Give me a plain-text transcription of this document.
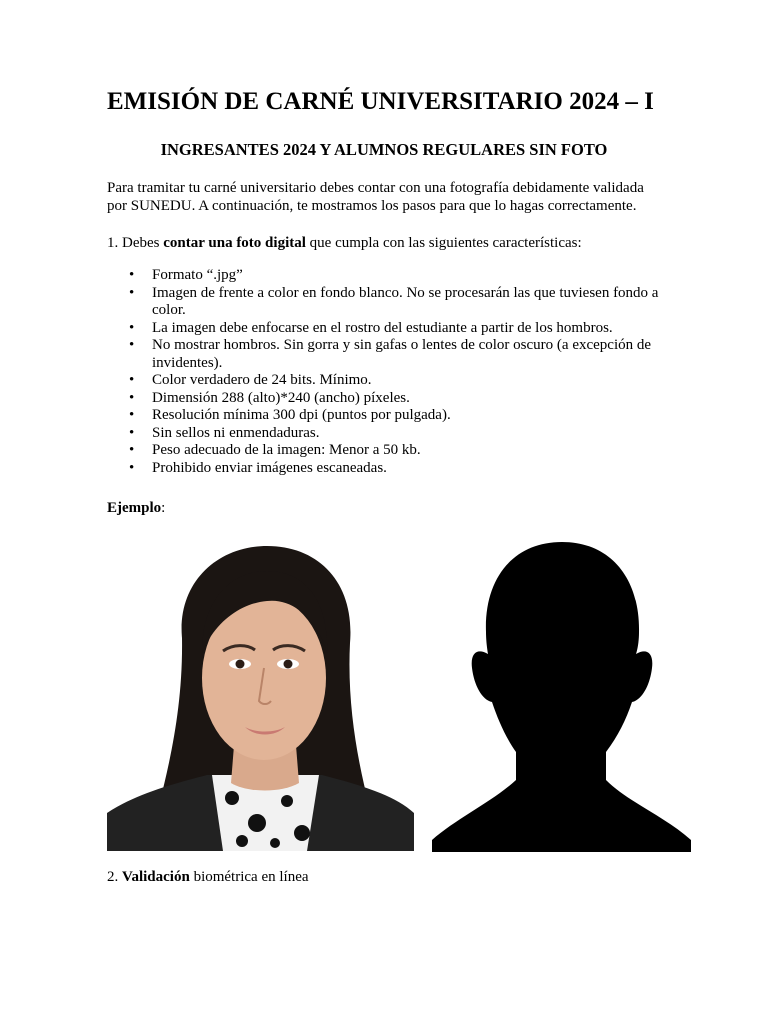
EMISIÓN DE CARNÉ UNIVERSITARIO 2024 – I
INGRESANTES 2024 Y ALUMNOS REGULARES SIN FOTO

Para tramitar tu carné universitario debes contar con una fotografía debidamente validada por SUNEDU. A continuación, te mostramos los pasos para que lo hagas correctamente.

1. Debes contar una foto digital que cumpla con las siguientes características:

• Formato “.jpg”
• Imagen de frente a color en fondo blanco. No se procesarán las que tuviesen fondo a color.
• La imagen debe enfocarse en el rostro del estudiante a partir de los hombros.
• No mostrar hombros. Sin gorra y sin gafas o lentes de color oscuro (a excepción de invidentes).
• Color verdadero de 24 bits. Mínimo.
• Dimensión 288 (alto)*240 (ancho) píxeles.
• Resolución mínima 300 dpi (puntos por pulgada).
• Sin sellos ni enmendaduras.
• Peso adecuado de la imagen: Menor a 50 kb.
• Prohibido enviar imágenes escaneadas.

Ejemplo:

2. Validación biométrica en línea
